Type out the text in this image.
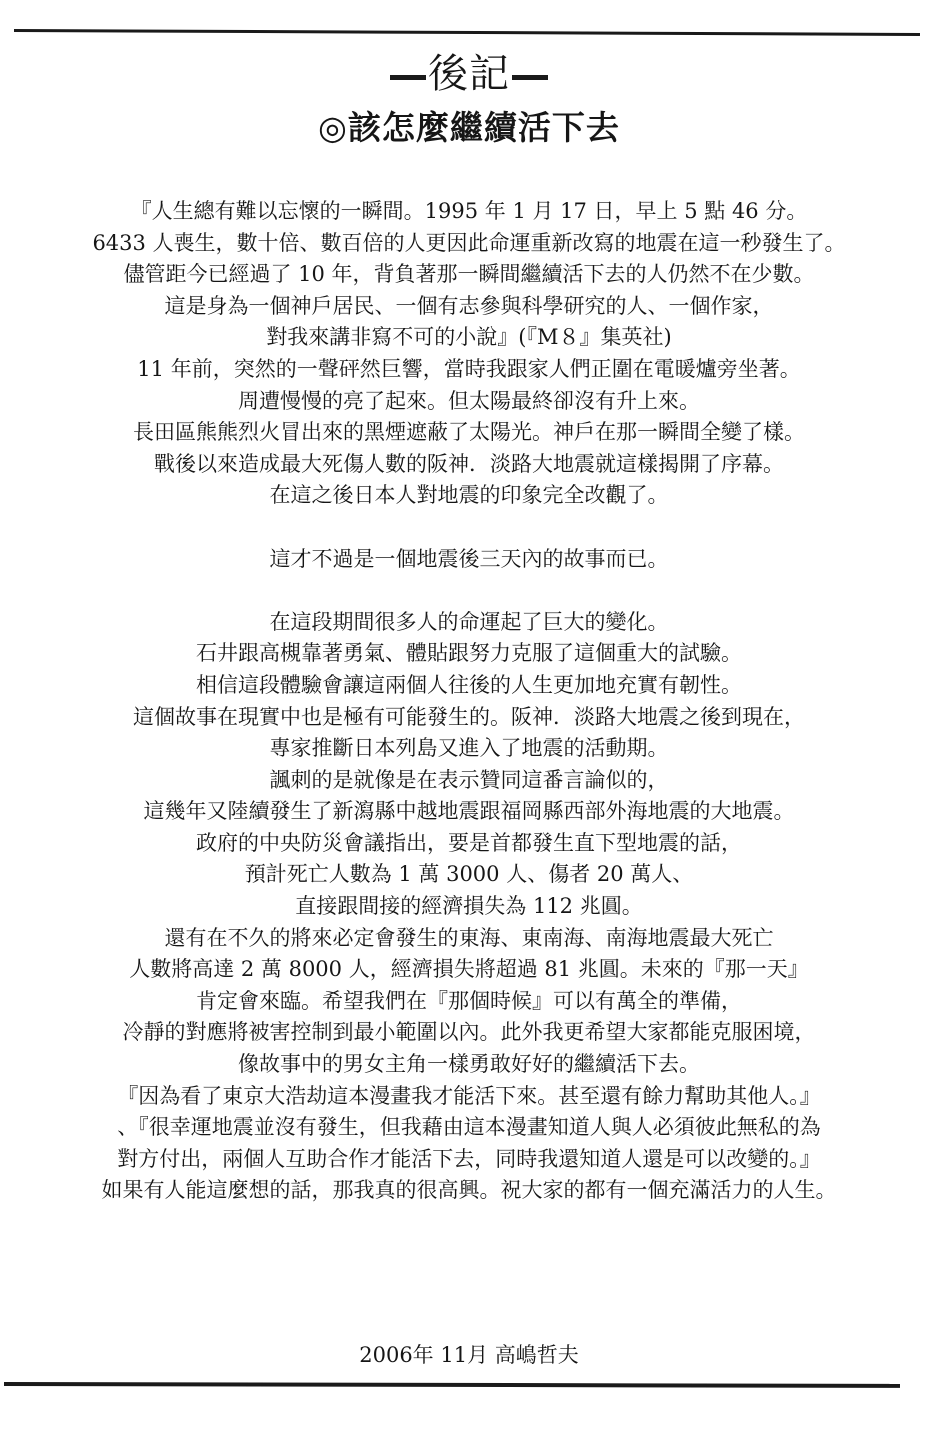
後記
◎該怎麼繼續活下去
『人生總有難以忘懷的一瞬間。1995 年 1 月 17 日，早上 5 點 46 分。
6433 人喪生，數十倍、數百倍的人更因此命運重新改寫的地震在這一秒發生了。
儘管距今已經過了 10 年，背負著那一瞬間繼續活下去的人仍然不在少數。
這是身為一個神戶居民、一個有志參與科學研究的人、一個作家，
對我來講非寫不可的小說』(『M８』集英社)
11 年前，突然的一聲砰然巨響，當時我跟家人們正圍在電暖爐旁坐著。
周遭慢慢的亮了起來。但太陽最終卻沒有升上來。
長田區熊熊烈火冒出來的黑煙遮蔽了太陽光。神戶在那一瞬間全變了樣。
戰後以來造成最大死傷人數的阪神．淡路大地震就這樣揭開了序幕。
在這之後日本人對地震的印象完全改觀了。
這才不過是一個地震後三天內的故事而已。
在這段期間很多人的命運起了巨大的變化。
石井跟高槻靠著勇氣、體貼跟努力克服了這個重大的試驗。
相信這段體驗會讓這兩個人往後的人生更加地充實有韌性。
這個故事在現實中也是極有可能發生的。阪神．淡路大地震之後到現在，
專家推斷日本列島又進入了地震的活動期。
諷刺的是就像是在表示贊同這番言論似的，
這幾年又陸續發生了新瀉縣中越地震跟福岡縣西部外海地震的大地震。
政府的中央防災會議指出，要是首都發生直下型地震的話，
預計死亡人數為 1 萬 3000 人、傷者 20 萬人、
直接跟間接的經濟損失為 112 兆圓。
還有在不久的將來必定會發生的東海、東南海、南海地震最大死亡
人數將高達 2 萬 8000 人，經濟損失將超過 81 兆圓。未來的『那一天』
肯定會來臨。希望我們在『那個時候』可以有萬全的準備，
冷靜的對應將被害控制到最小範圍以內。此外我更希望大家都能克服困境，
像故事中的男女主角一樣勇敢好好的繼續活下去。
『因為看了東京大浩劫這本漫畫我才能活下來。甚至還有餘力幫助其他人。』
、『很幸運地震並沒有發生，但我藉由這本漫畫知道人與人必須彼此無私的為
對方付出，兩個人互助合作才能活下去，同時我還知道人還是可以改變的。』
如果有人能這麼想的話，那我真的很高興。祝大家的都有一個充滿活力的人生。
2006年 11月 高嶋哲夫
